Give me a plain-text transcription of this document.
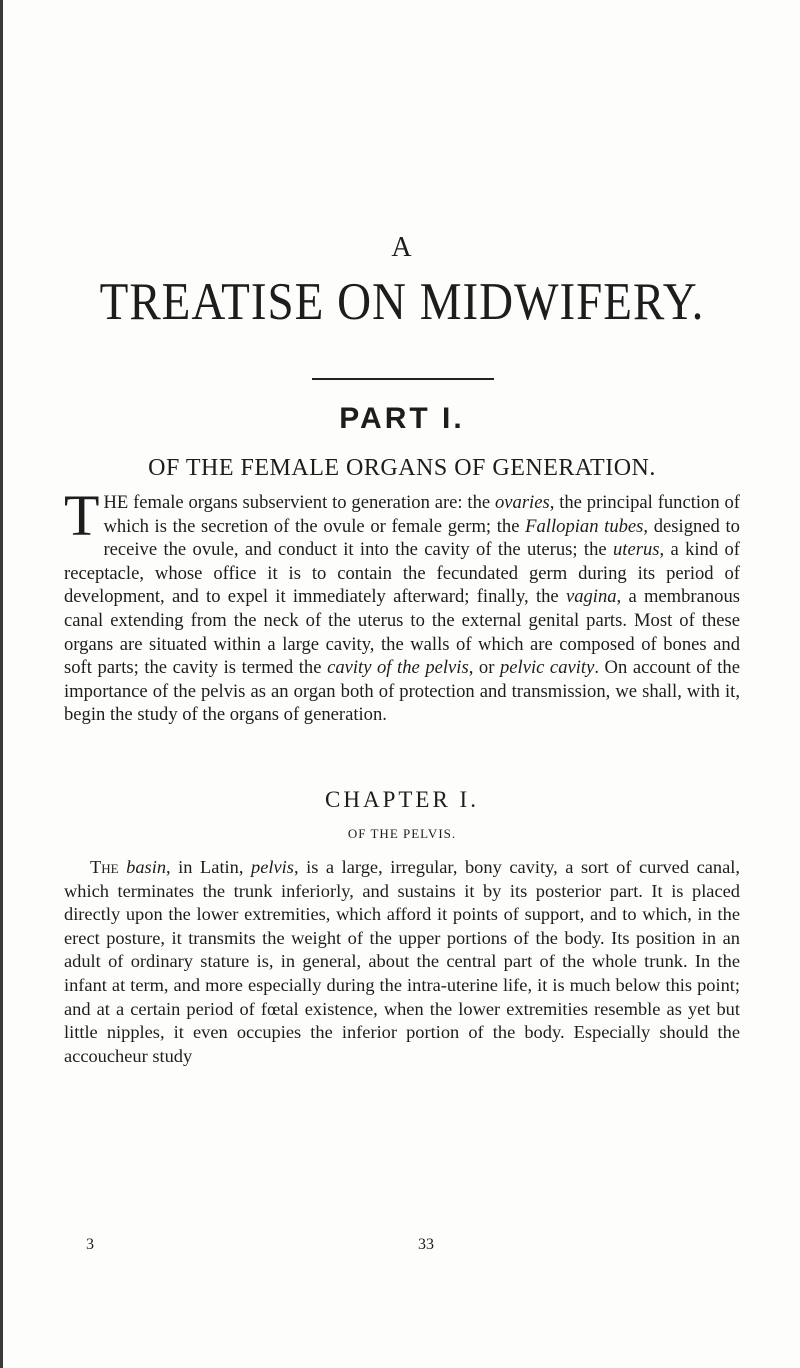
A
TREATISE ON MIDWIFERY.
PART I.
OF THE FEMALE ORGANS OF GENERATION.
THE female organs subservient to generation are: the ovaries, the principal function of which is the secretion of the ovule or female germ; the Fallopian tubes, designed to receive the ovule, and conduct it into the cavity of the uterus; the uterus, a kind of receptacle, whose office it is to contain the fecundated germ during its period of development, and to expel it immediately afterward; finally, the vagina, a membranous canal extending from the neck of the uterus to the external genital parts. Most of these organs are situated within a large cavity, the walls of which are composed of bones and soft parts; the cavity is termed the cavity of the pelvis, or pelvic cavity. On account of the importance of the pelvis as an organ both of protection and transmission, we shall, with it, begin the study of the organs of generation.
CHAPTER I.
OF THE PELVIS.

The basin, in Latin, pelvis, is a large, irregular, bony cavity, a sort of curved canal, which terminates the trunk inferiorly, and sustains it by its posterior part. It is placed directly upon the lower extremities, which afford it points of support, and to which, in the erect posture, it transmits the weight of the upper portions of the body. Its position in an adult of ordinary stature is, in general, about the central part of the whole trunk. In the infant at term, and more especially during the intra-uterine life, it is much below this point; and at a certain period of fœtal existence, when the lower extremities resemble as yet but little nipples, it even occupies the inferior portion of the body. Especially should the accoucheur study

3	33
